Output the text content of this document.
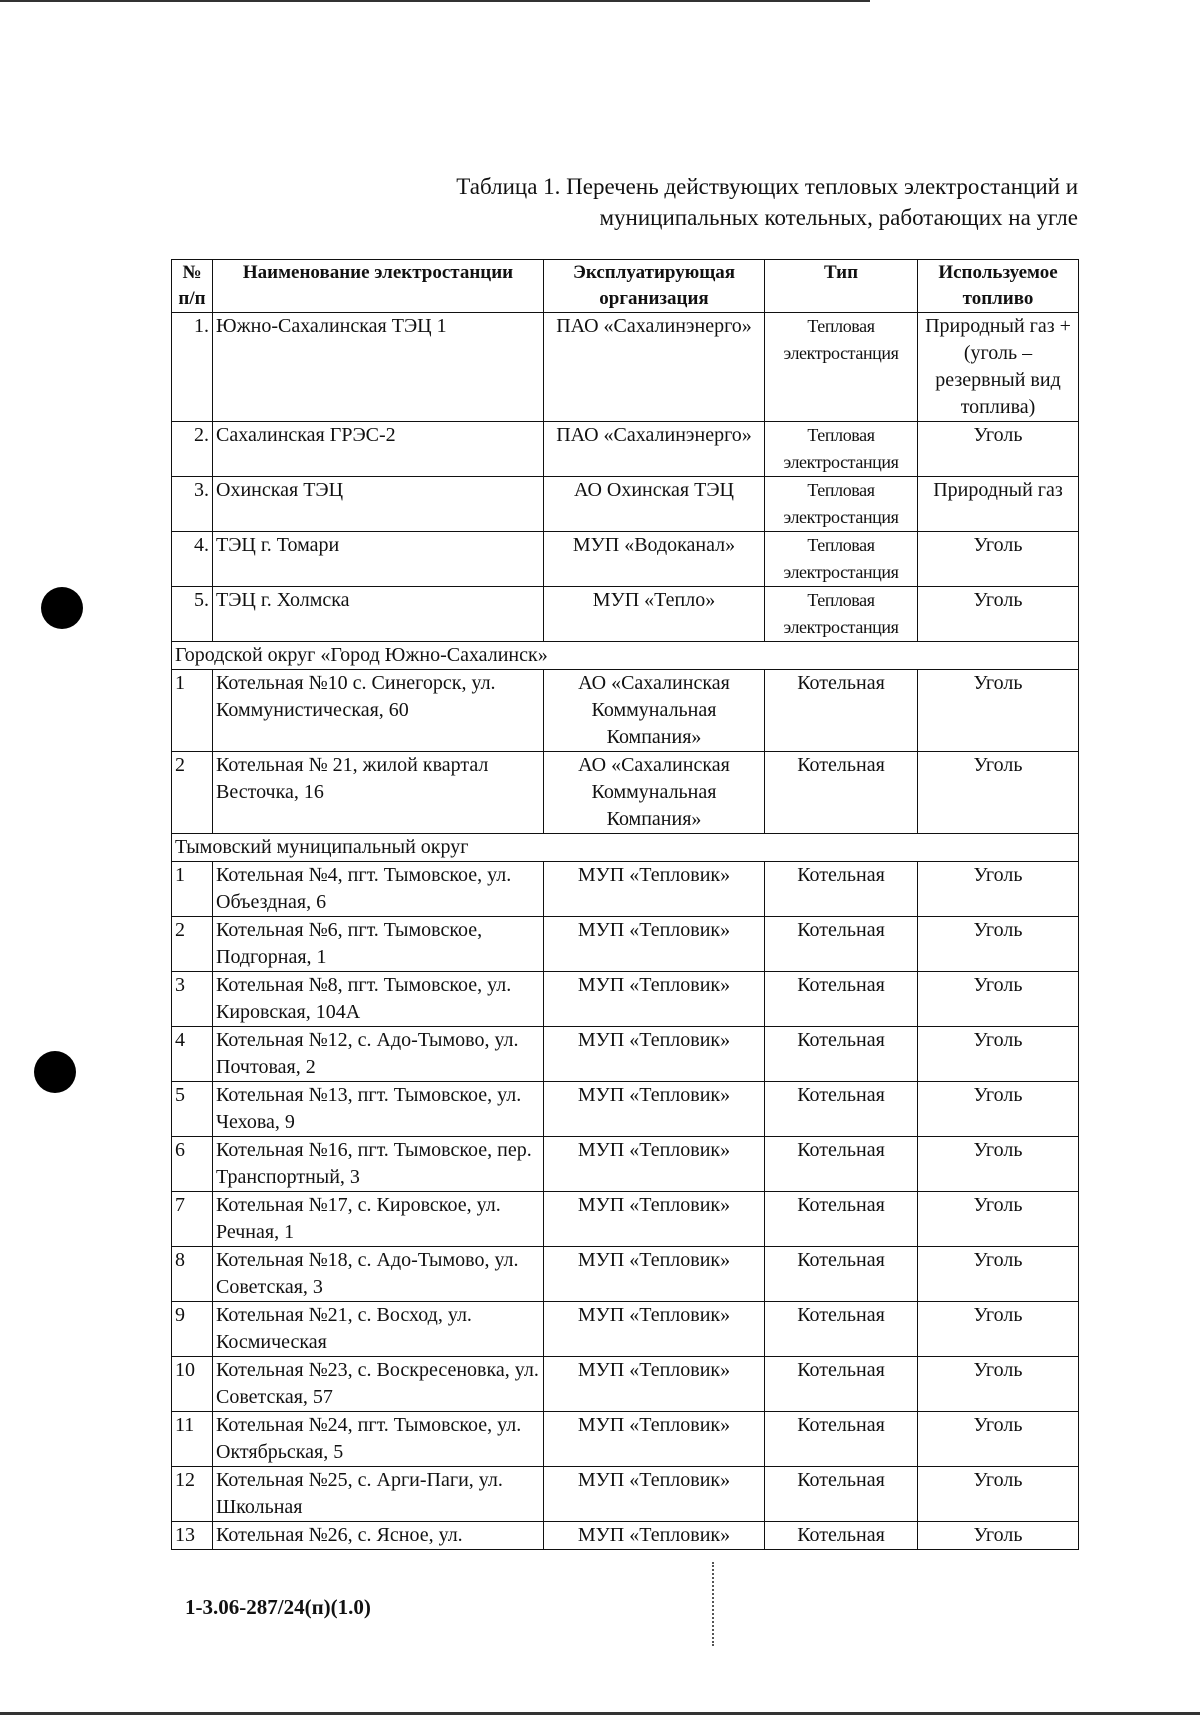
Таблица 1. Перечень действующих тепловых электростанций и
муниципальных котельных, работающих на угле
№ п/п	Наименование электростанции	Эксплуатирующая организация	Тип	Используемое топливо
1.	Южно-Сахалинская ТЭЦ 1	ПАО «Сахалинэнерго»	Тепловая электростанция	Природный газ + (уголь – резервный вид топлива)
2.	Сахалинская ГРЭС-2	ПАО «Сахалинэнерго»	Тепловая электростанция	Уголь
3.	Охинская ТЭЦ	АО Охинская ТЭЦ	Тепловая электростанция	Природный газ
4.	ТЭЦ г. Томари	МУП «Водоканал»	Тепловая электростанция	Уголь
5.	ТЭЦ г. Холмска	МУП «Тепло»	Тепловая электростанция	Уголь
Городской округ «Город Южно-Сахалинск»				
1	Котельная №10 с. Синегорск, ул. Коммунистическая, 60	АО «Сахалинская Коммунальная Компания»	Котельная	Уголь
2	Котельная № 21, жилой квартал Весточка, 16	АО «Сахалинская Коммунальная Компания»	Котельная	Уголь
Тымовский муниципальный округ				
1	Котельная №4, пгт. Тымовское, ул. Объездная, 6	МУП «Тепловик»	Котельная	Уголь
2	Котельная №6, пгт. Тымовское, Подгорная, 1	МУП «Тепловик»	Котельная	Уголь
3	Котельная №8, пгт. Тымовское, ул. Кировская, 104А	МУП «Тепловик»	Котельная	Уголь
4	Котельная №12, с. Адо-Тымово, ул. Почтовая, 2	МУП «Тепловик»	Котельная	Уголь
5	Котельная №13, пгт. Тымовское, ул. Чехова, 9	МУП «Тепловик»	Котельная	Уголь
6	Котельная №16, пгт. Тымовское, пер. Транспортный, 3	МУП «Тепловик»	Котельная	Уголь
7	Котельная №17, с. Кировское, ул. Речная, 1	МУП «Тепловик»	Котельная	Уголь
8	Котельная №18, с. Адо-Тымово, ул. Советская, 3	МУП «Тепловик»	Котельная	Уголь
9	Котельная №21, с. Восход, ул. Космическая	МУП «Тепловик»	Котельная	Уголь
10	Котельная №23, с. Воскресеновка, ул. Советская, 57	МУП «Тепловик»	Котельная	Уголь
11	Котельная №24, пгт. Тымовское, ул. Октябрьская, 5	МУП «Тепловик»	Котельная	Уголь
12	Котельная №25, с. Арги-Паги, ул. Школьная	МУП «Тепловик»	Котельная	Уголь
13	Котельная №26, с. Ясное, ул.	МУП «Тепловик»	Котельная	Уголь
1-3.06-287/24(п)(1.0)
